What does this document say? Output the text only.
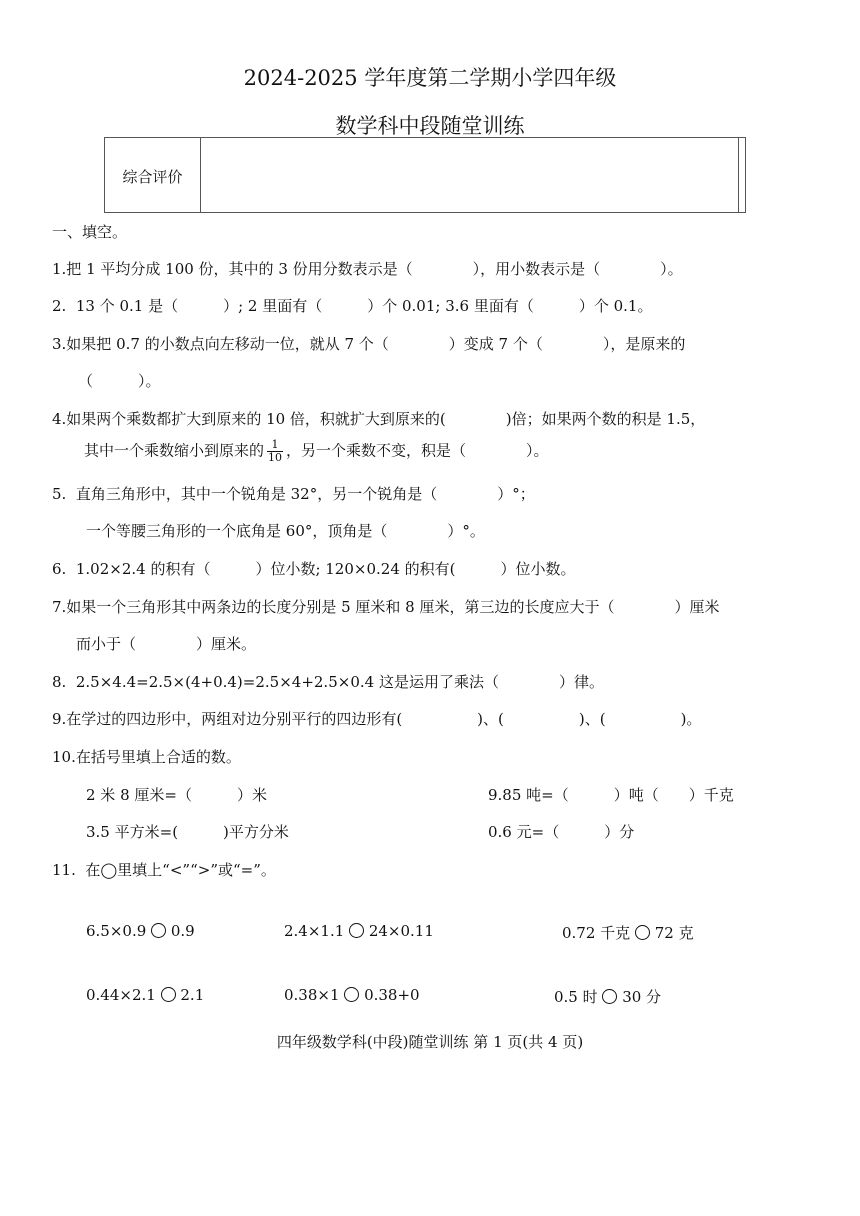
2024-2025 学年度第二学期小学四年级
数学科中段随堂训练
综合评价
一、填空。
1.把 1 平均分成 100 份，其中的 3 份用分数表示是（　　　　），用小数表示是（　　　　）。
2.  13 个 0.1 是（　　　）; 2 里面有（　　　）个 0.01; 3.6 里面有（　　　）个 0.1。
3.如果把 0.7 的小数点向左移动一位，就从 7 个（　　　　）变成 7 个（　　　　），是原来的
（　　　）。
4.如果两个乘数都扩大到原来的 10 倍，积就扩大到原来的(　　　　)倍；如果两个数的积是 1.5，
其中一个乘数缩小到原来的 $\frac{1}{10}$ ，另一个乘数不变，积是（　　　　）。
5.  直角三角形中，其中一个锐角是 32°，另一个锐角是（　　　　）°；
一个等腰三角形的一个底角是 60°，顶角是（　　　　）°。
6.  1.02×2.4 的积有（　　　）位小数; 120×0.24 的积有(　　　）位小数。
7.如果一个三角形其中两条边的长度分别是 5 厘米和 8 厘米，第三边的长度应大于（　　　　）厘米
而小于（　　　　）厘米。
8.  2.5×4.4=2.5×(4+0.4)=2.5×4+2.5×0.4 这是运用了乘法（　　　　）律。
9.在学过的四边形中，两组对边分别平行的四边形有(　　　　　)、(　　　　　)、(　　　　　)。
10.在括号里填上合适的数。
2 米 8 厘米=（　　　）米	9.85 吨=（　　　）吨（　　）千克
3.5 平方米=(　　　)平方分米	0.6 元=（　　　）分
11.  在◯里填上“<”“>”或“=”。
6.5×0.9 0.9	2.4×1.1 24×0.11	0.72 千克 72 克
0.44×2.1 2.1	0.38×1 0.38+0	0.5 时 30 分
四年级数学科(中段)随堂训练 第 1 页(共 4 页)
